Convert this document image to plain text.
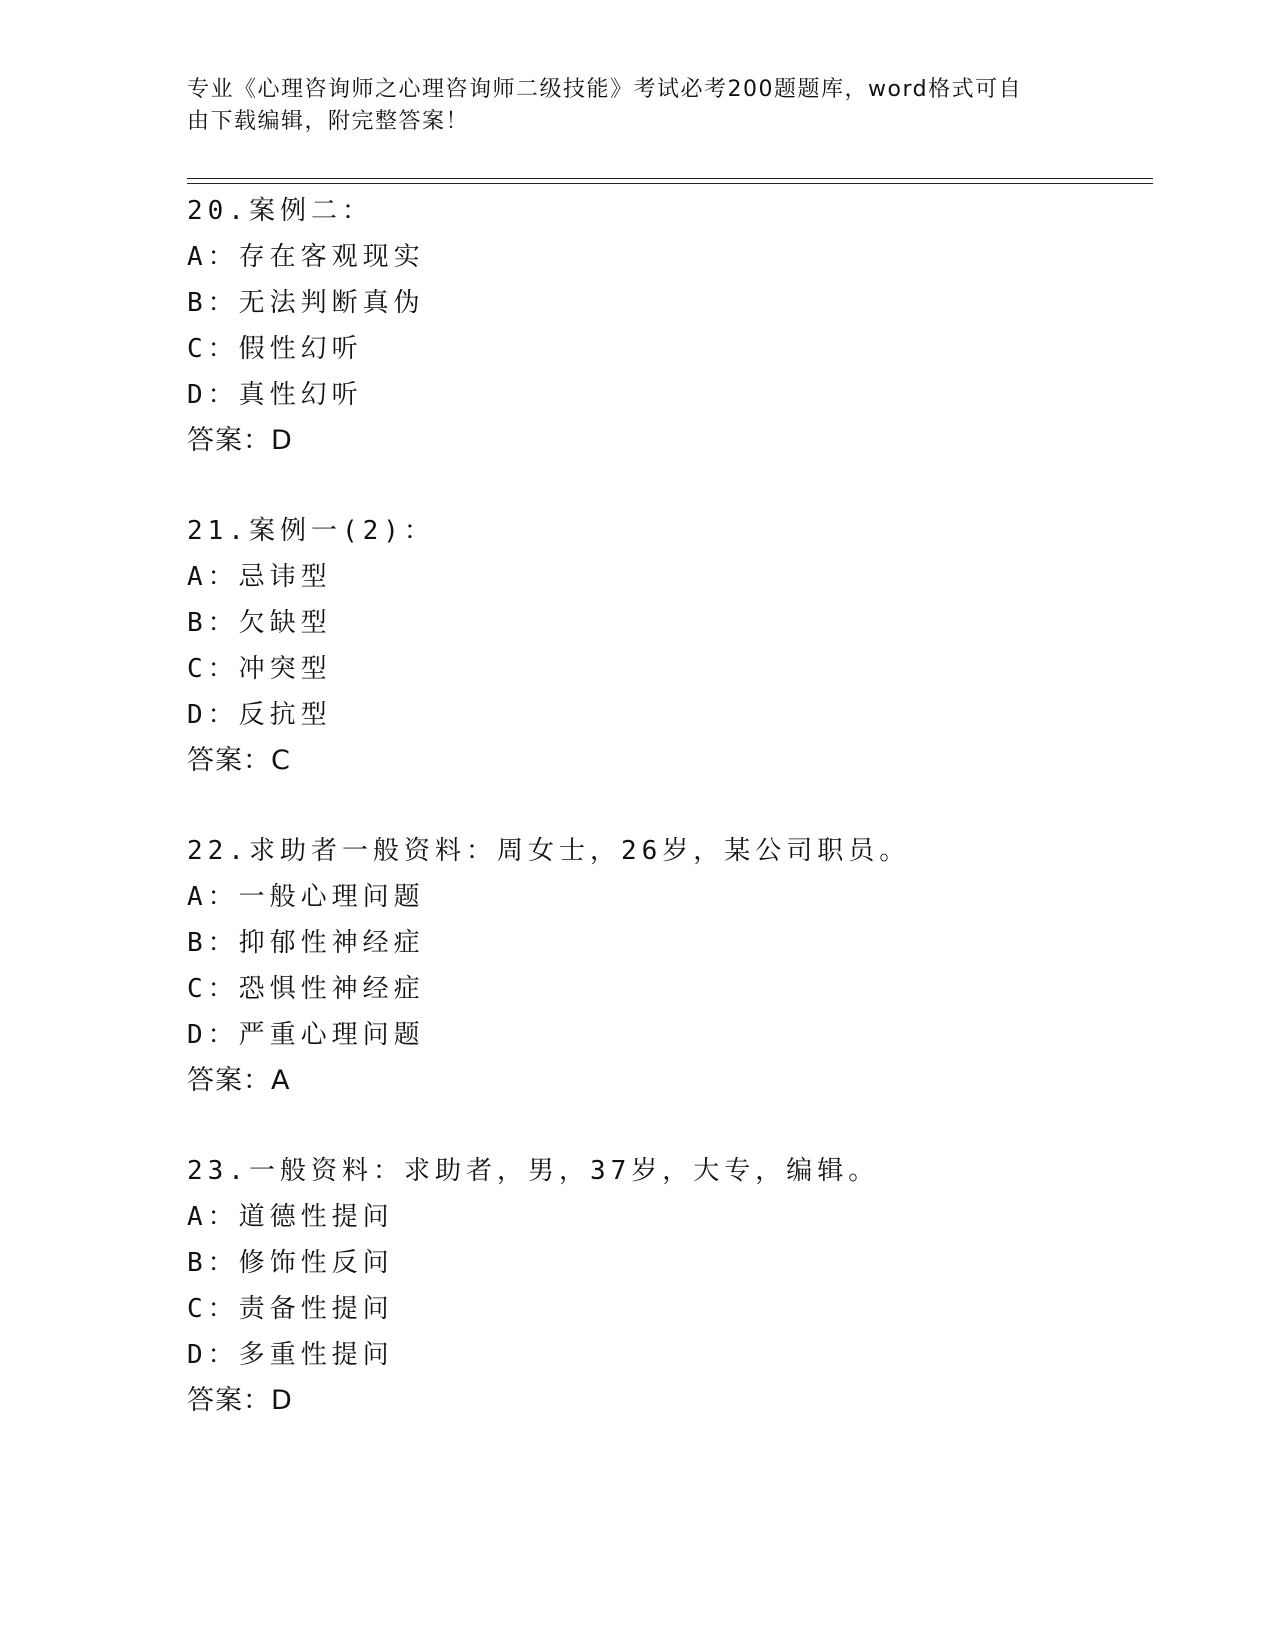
专业《心理咨询师之心理咨询师二级技能》考试必考200题题库，word格式可自
由下载编辑，附完整答案！
20.案例二：
A：存在客观现实
B：无法判断真伪
C：假性幻听
D：真性幻听
答案：D
21.案例一(2)：
A：忌讳型
B：欠缺型
C：冲突型
D：反抗型
答案：C
22.求助者一般资料：周女士，26岁，某公司职员。
A：一般心理问题
B：抑郁性神经症
C：恐惧性神经症
D：严重心理问题
答案：A
23.一般资料：求助者，男，37岁，大专，编辑。
A：道德性提问
B：修饰性反问
C：责备性提问
D：多重性提问
答案：D
